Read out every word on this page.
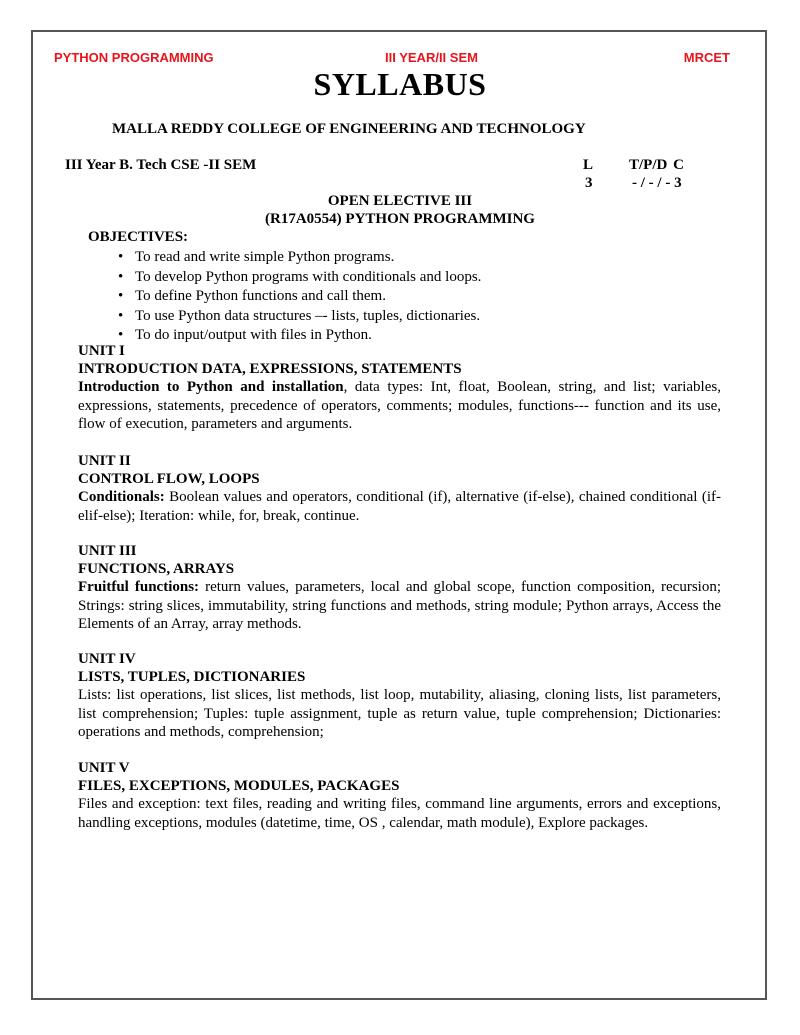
PYTHON PROGRAMMING	III YEAR/II SEM	MRCET
SYLLABUS
MALLA REDDY COLLEGE OF ENGINEERING AND TECHNOLOGY
III Year B. Tech CSE -II SEM	L T/P/D C
3	- / - / - 3
OPEN ELECTIVE III
(R17A0554) PYTHON PROGRAMMING
OBJECTIVES:
• To read and write simple Python programs.
• To develop Python programs with conditionals and loops.
• To define Python functions and call them.
• To use Python data structures –- lists, tuples, dictionaries.
• To do input/output with files in Python.
UNIT I
INTRODUCTION DATA, EXPRESSIONS, STATEMENTS
Introduction to Python and installation, data types: Int, float, Boolean, string, and list; variables, expressions, statements, precedence of operators, comments; modules, functions--- function and its use, flow of execution, parameters and arguments.
UNIT II
CONTROL FLOW, LOOPS
Conditionals: Boolean values and operators, conditional (if), alternative (if-else), chained conditional (if-elif-else); Iteration: while, for, break, continue.
UNIT III
FUNCTIONS, ARRAYS
Fruitful functions: return values, parameters, local and global scope, function composition, recursion; Strings: string slices, immutability, string functions and methods, string module; Python arrays, Access the Elements of an Array, array methods.
UNIT IV
LISTS, TUPLES, DICTIONARIES
Lists: list operations, list slices, list methods, list loop, mutability, aliasing, cloning lists, list parameters, list comprehension; Tuples: tuple assignment, tuple as return value, tuple comprehension; Dictionaries: operations and methods, comprehension;
UNIT V
FILES, EXCEPTIONS, MODULES, PACKAGES
Files and exception: text files, reading and writing files, command line arguments, errors and exceptions, handling exceptions, modules (datetime, time, OS , calendar, math module), Explore packages.
